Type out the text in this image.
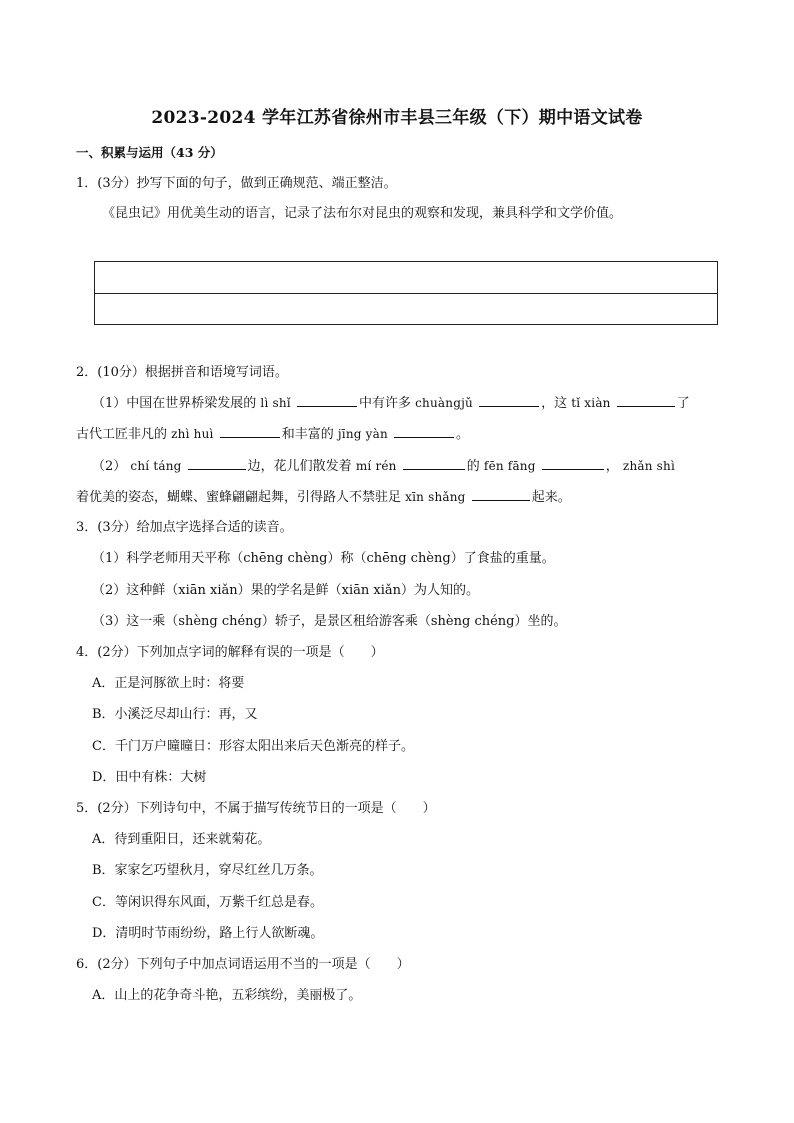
2023-2024 学年江苏省徐州市丰县三年级（下）期中语文试卷
一、积累与运用（43 分）
1．(3分）抄写下面的句子，做到正确规范、端正整洁。
《昆虫记》用优美生动的语言，记录了法布尔对昆虫的观察和发现，兼具科学和文学价值。
2．(10分）根据拼音和语境写词语。
（1）中国在世界桥梁发展的 lì shǐ	中有许多 chuàngjǔ	，这 tǐ xiàn	了
古代工匠非凡的 zhì huì	和丰富的 jīng yàn	。
（2） chí táng	边，花儿们散发着 mí rén	的 fēn fāng	， zhǎn shì
着优美的姿态，蝴蝶、蜜蜂翩翩起舞，引得路人不禁驻足 xīn shǎng	起来。
3．(3分）给加点字选择合适的读音。
（1）科学老师用天平称（chēng chèng）称（chēng chèng）了食盐的重量。
（2）这种鲜（xiān xiǎn）果的学名是鲜（xiān xiǎn）为人知的。
（3）这一乘（shèng chéng）轿子，是景区租给游客乘（shèng chéng）坐的。
4．(2分）下列加点字词的解释有误的一项是（　　）
A．正是河豚欲上时：将要
B．小溪泛尽却山行：再，又
C．千门万户曈曈日：形容太阳出来后天色渐亮的样子。
D．田中有株：大树
5．(2分）下列诗句中，不属于描写传统节日的一项是（　　）
A．待到重阳日，还来就菊花。
B．家家乞巧望秋月，穿尽红丝几万条。
C．等闲识得东风面，万紫千红总是春。
D．清明时节雨纷纷，路上行人欲断魂。
6．(2分）下列句子中加点词语运用不当的一项是（　　）
A．山上的花争奇斗艳，五彩缤纷，美丽极了。
